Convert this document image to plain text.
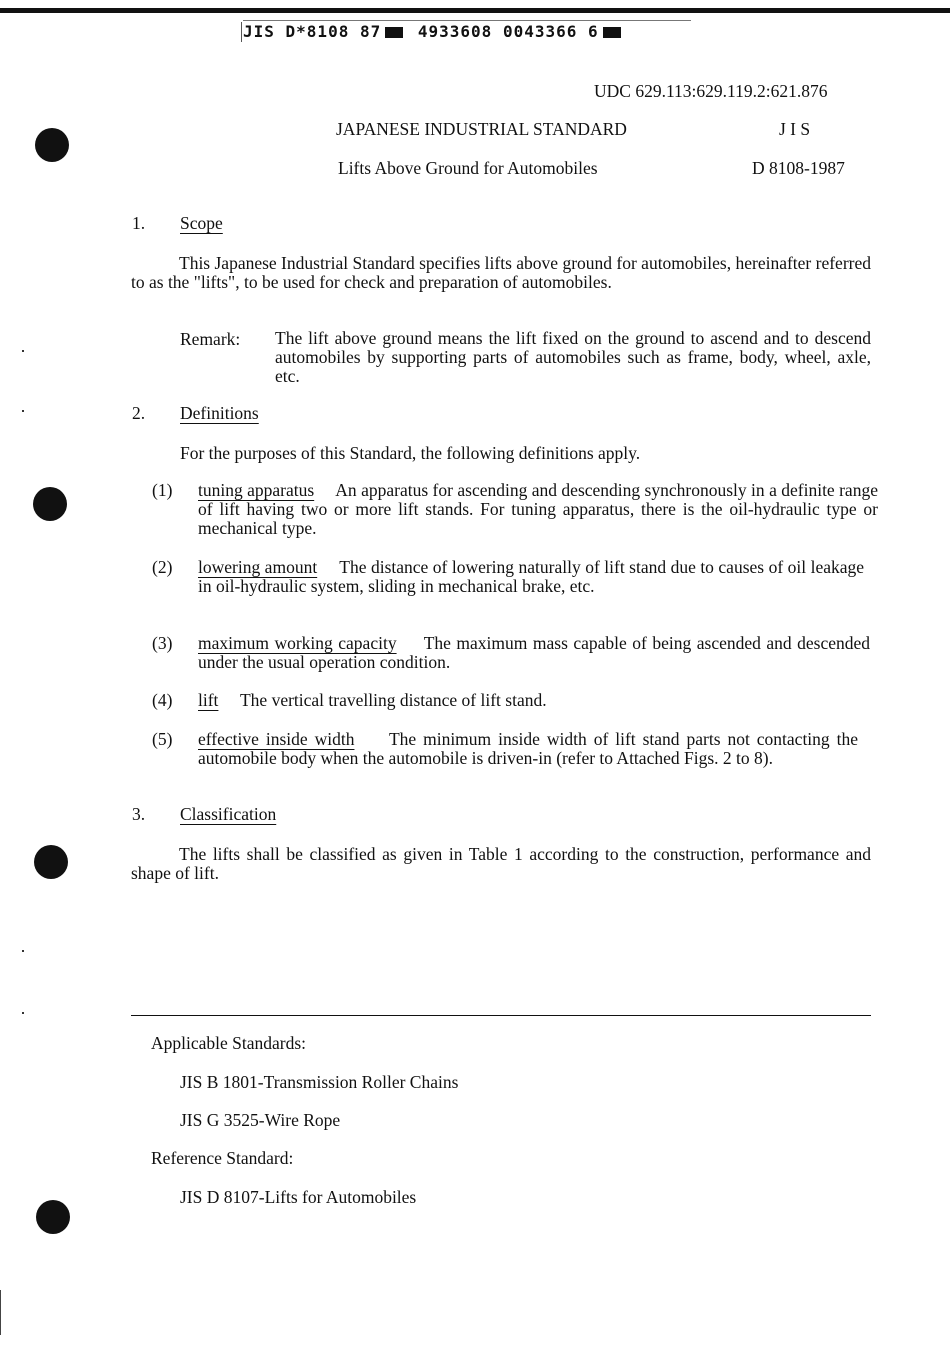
JIS D*8108 87 4933608 0043366 6
UDC 629.113:629.119.2:621.876
JAPANESE INDUSTRIAL STANDARD	J I S
Lifts Above Ground for Automobiles	D 8108-1987
1. Scope
This Japanese Industrial Standard specifies lifts above ground for automobiles, hereinafter referred to as the "lifts", to be used for check and preparation of automobiles.
Remark: The lift above ground means the lift fixed on the ground to ascend and to descend automobiles by supporting parts of automobiles such as frame, body, wheel, axle, etc.
2. Definitions
For the purposes of this Standard, the following definitions apply.
(1) tuning apparatus An apparatus for ascending and descending synchronously in a definite range of lift having two or more lift stands. For tuning apparatus, there is the oil-hydraulic type or mechanical type.
(2) lowering amount The distance of lowering naturally of lift stand due to causes of oil leakage in oil-hydraulic system, sliding in mechanical brake, etc.
(3) maximum working capacity The maximum mass capable of being ascended and descended under the usual operation condition.
(4) lift The vertical travelling distance of lift stand.
(5) effective inside width The minimum inside width of lift stand parts not contacting the automobile body when the automobile is driven-in (refer to Attached Figs. 2 to 8).
3. Classification
The lifts shall be classified as given in Table 1 according to the construction, performance and shape of lift.
Applicable Standards:
JIS B 1801-Transmission Roller Chains
JIS G 3525-Wire Rope
Reference Standard:
JIS D 8107-Lifts for Automobiles
